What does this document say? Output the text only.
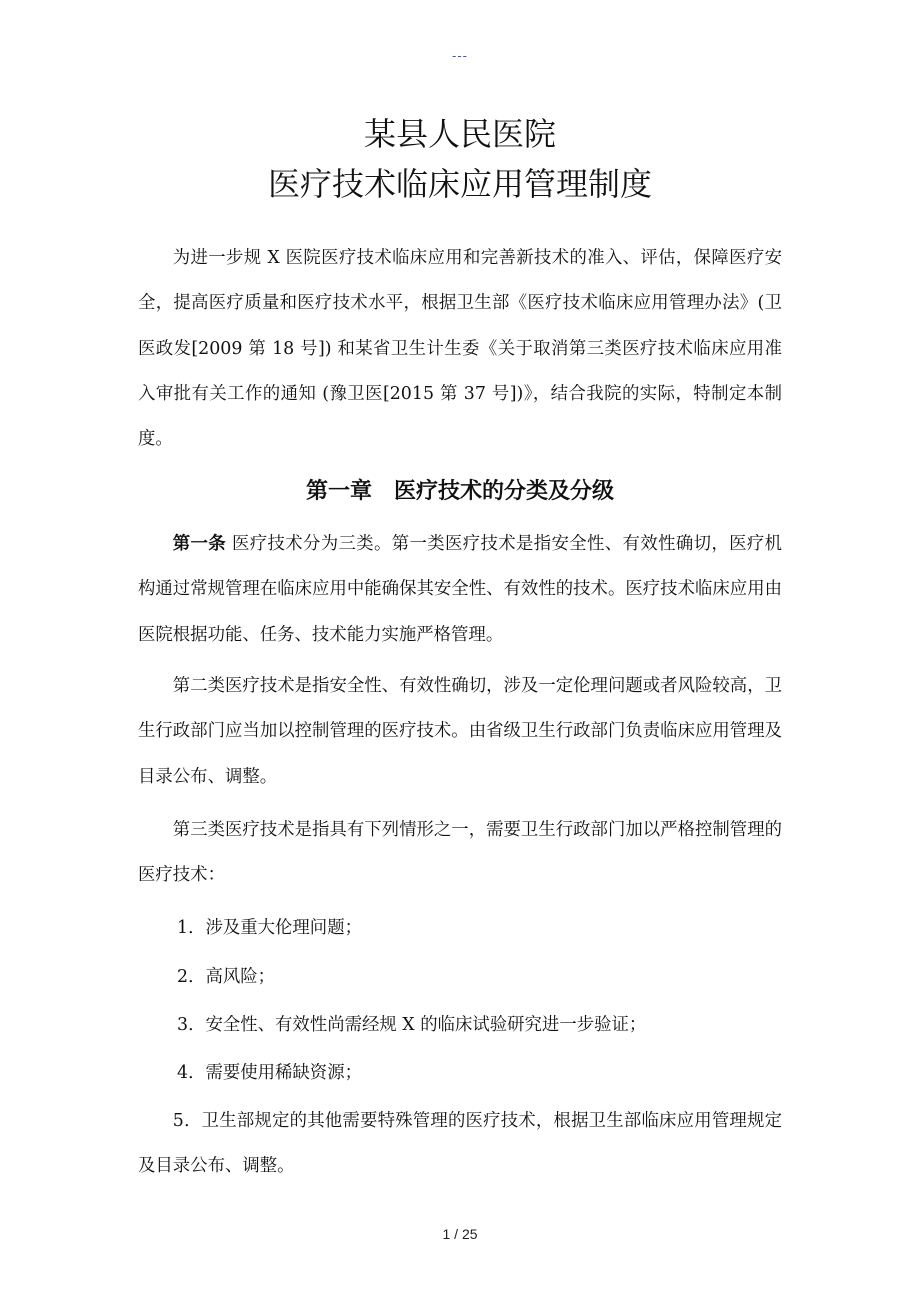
---
某县人民医院
医疗技术临床应用管理制度

为进一步规 X 医院医疗技术临床应用和完善新技术的准入、评估，保障医疗安全，提高医疗质量和医疗技术水平，根据卫生部《医疗技术临床应用管理办法》(卫医政发[2009 第 18 号]) 和某省卫生计生委《关于取消第三类医疗技术临床应用准入审批有关工作的通知 (豫卫医[2015 第 37 号])》，结合我院的实际，特制定本制度。

第一章　医疗技术的分类及分级

第一条 医疗技术分为三类。第一类医疗技术是指安全性、有效性确切，医疗机构通过常规管理在临床应用中能确保其安全性、有效性的技术。医疗技术临床应用由医院根据功能、任务、技术能力实施严格管理。

第二类医疗技术是指安全性、有效性确切，涉及一定伦理问题或者风险较高，卫生行政部门应当加以控制管理的医疗技术。由省级卫生行政部门负责临床应用管理及目录公布、调整。

第三类医疗技术是指具有下列情形之一，需要卫生行政部门加以严格控制管理的医疗技术：

1．涉及重大伦理问题；

2．高风险；

3．安全性、有效性尚需经规 X 的临床试验研究进一步验证；

4．需要使用稀缺资源；

5．卫生部规定的其他需要特殊管理的医疗技术，根据卫生部临床应用管理规定及目录公布、调整。

1 / 25
